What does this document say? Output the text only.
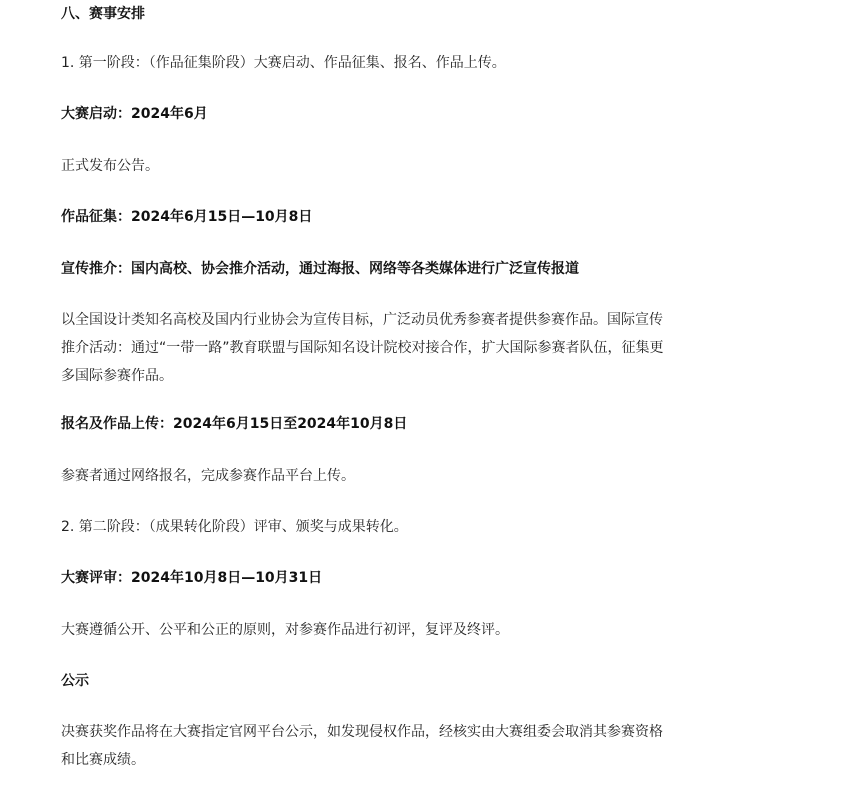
八、赛事安排

1. 第一阶段：（作品征集阶段）大赛启动、作品征集、报名、作品上传。

大赛启动：2024年6月

正式发布公告。

作品征集：2024年6月15日—10月8日

宣传推介：国内高校、协会推介活动，通过海报、网络等各类媒体进行广泛宣传报道

以全国设计类知名高校及国内行业协会为宣传目标，广泛动员优秀参赛者提供参赛作品。国际宣传

推介活动：通过“一带一路”教育联盟与国际知名设计院校对接合作，扩大国际参赛者队伍，征集更

多国际参赛作品。

报名及作品上传：2024年6月15日至2024年10月8日

参赛者通过网络报名，完成参赛作品平台上传。

2. 第二阶段：（成果转化阶段）评审、颁奖与成果转化。

大赛评审：2024年10月8日—10月31日

大赛遵循公开、公平和公正的原则，对参赛作品进行初评，复评及终评。

公示

决赛获奖作品将在大赛指定官网平台公示，如发现侵权作品，经核实由大赛组委会取消其参赛资格

和比赛成绩。
